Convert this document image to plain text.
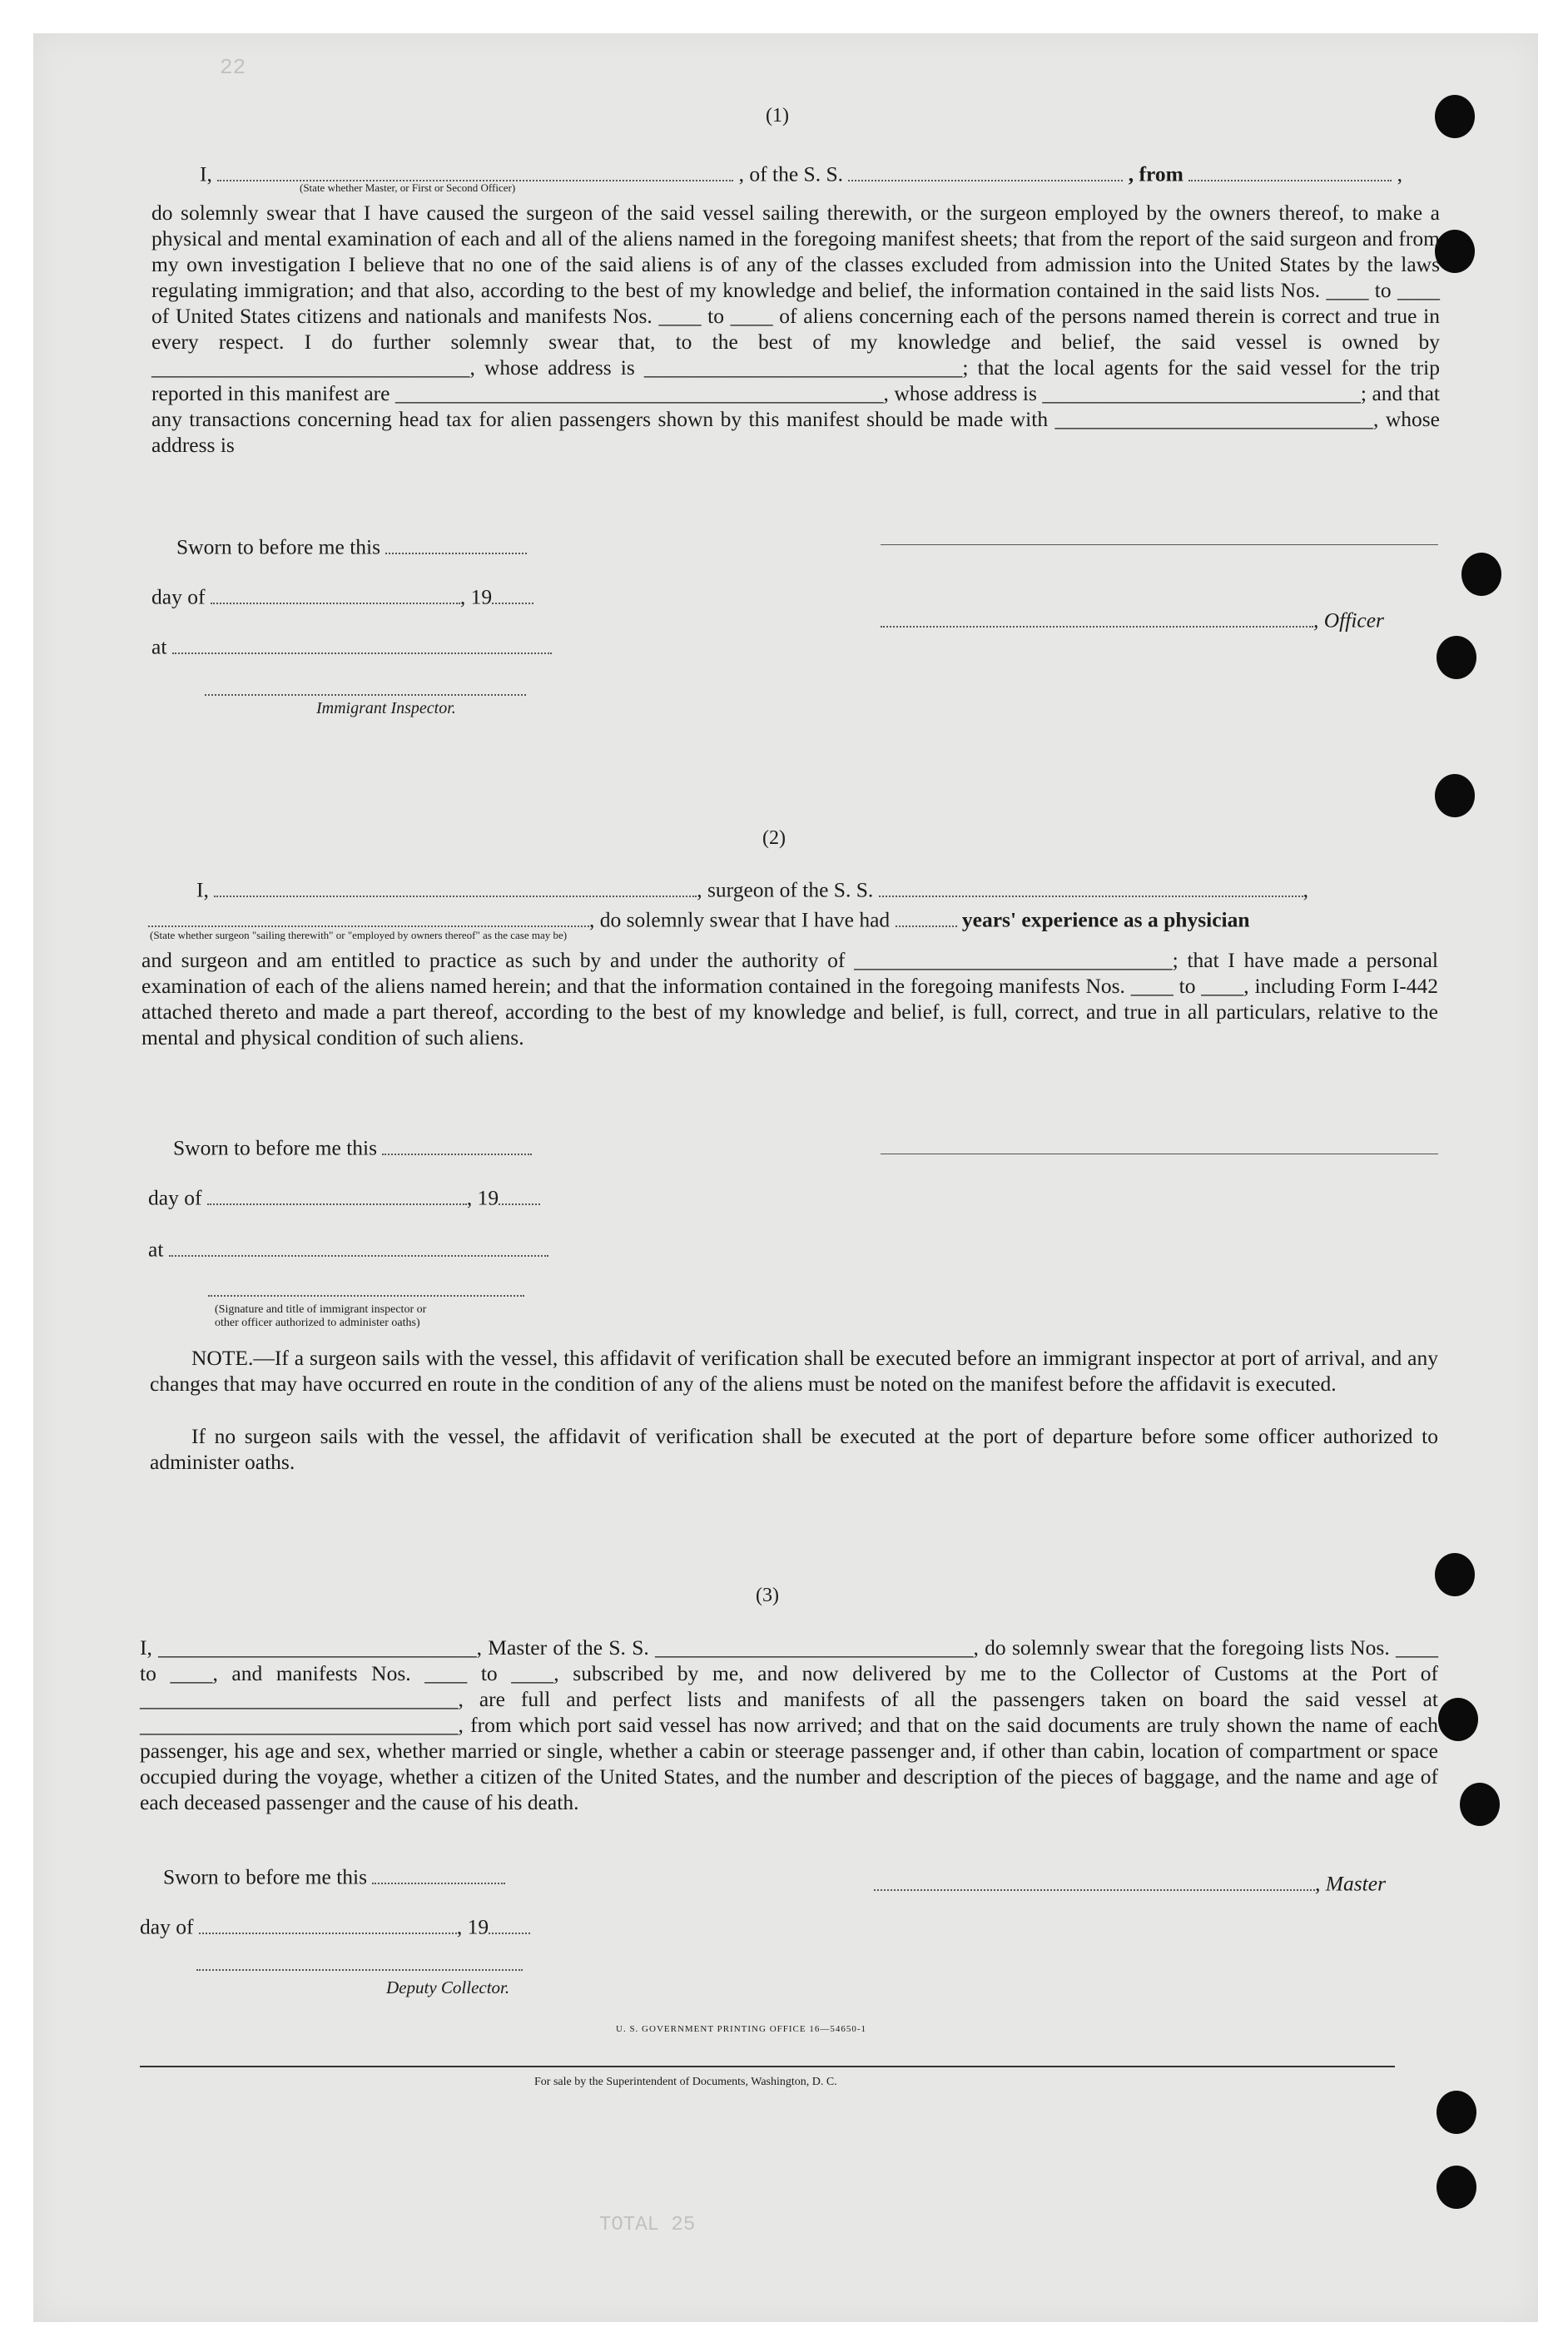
22
TOTAL 25
(1)
I,	, of the S. S.	, from	,
(State whether Master, or First or Second Officer)
do solemnly swear that I have caused the surgeon of the said vessel sailing therewith, or the surgeon employed by the owners thereof, to make a physical and mental examination of each and all of the aliens named in the foregoing manifest sheets; that from the report of the said surgeon and from my own investigation I believe that no one of the said aliens is of any of the classes excluded from admission into the United States by the laws regulating immigration; and that also, according to the best of my knowledge and belief, the information contained in the said lists Nos. ____ to ____ of United States citizens and nationals and manifests Nos. ____ to ____ of aliens concerning each of the persons named therein is correct and true in every respect. I do further solemnly swear that, to the best of my knowledge and belief, the said vessel is owned by ______________________________, whose address is ______________________________; that the local agents for the said vessel for the trip reported in this manifest are ______________________________________________, whose address is ______________________________; and that any transactions concerning head tax for alien passengers shown by this manifest should be made with ______________________________, whose address is
Sworn to before me this
day of	, 19
at
, Officer
Immigrant Inspector.
(2)
I,	, surgeon of the S. S.	,
, do solemnly swear that I have had	years' experience as a physician
(State whether surgeon "sailing therewith" or "employed by owners thereof" as the case may be)
and surgeon and am entitled to practice as such by and under the authority of ______________________________; that I have made a personal examination of each of the aliens named herein; and that the information contained in the foregoing manifests Nos. ____ to ____, including Form I-442 attached thereto and made a part thereof, according to the best of my knowledge and belief, is full, correct, and true in all particulars, relative to the mental and physical condition of such aliens.
Sworn to before me this
day of	, 19
at
(Signature and title of immigrant inspector or
other officer authorized to administer oaths)
NOTE.—If a surgeon sails with the vessel, this affidavit of verification shall be executed before an immigrant inspector at port of arrival, and any changes that may have occurred en route in the condition of any of the aliens must be noted on the manifest before the affidavit is executed.
If no surgeon sails with the vessel, the affidavit of verification shall be executed at the port of departure before some officer authorized to administer oaths.
(3)
I, ______________________________, Master of the S. S. ______________________________, do solemnly swear that the foregoing lists Nos. ____ to ____, and manifests Nos. ____ to ____, subscribed by me, and now delivered by me to the Collector of Customs at the Port of ______________________________, are full and perfect lists and manifests of all the passengers taken on board the said vessel at ______________________________, from which port said vessel has now arrived; and that on the said documents are truly shown the name of each passenger, his age and sex, whether married or single, whether a cabin or steerage passenger and, if other than cabin, location of compartment or space occupied during the voyage, whether a citizen of the United States, and the number and description of the pieces of baggage, and the name and age of each deceased passenger and the cause of his death.
Sworn to before me this	, Master
day of	, 19
Deputy Collector.
U. S. GOVERNMENT PRINTING OFFICE 16—54650-1
For sale by the Superintendent of Documents, Washington, D. C.
